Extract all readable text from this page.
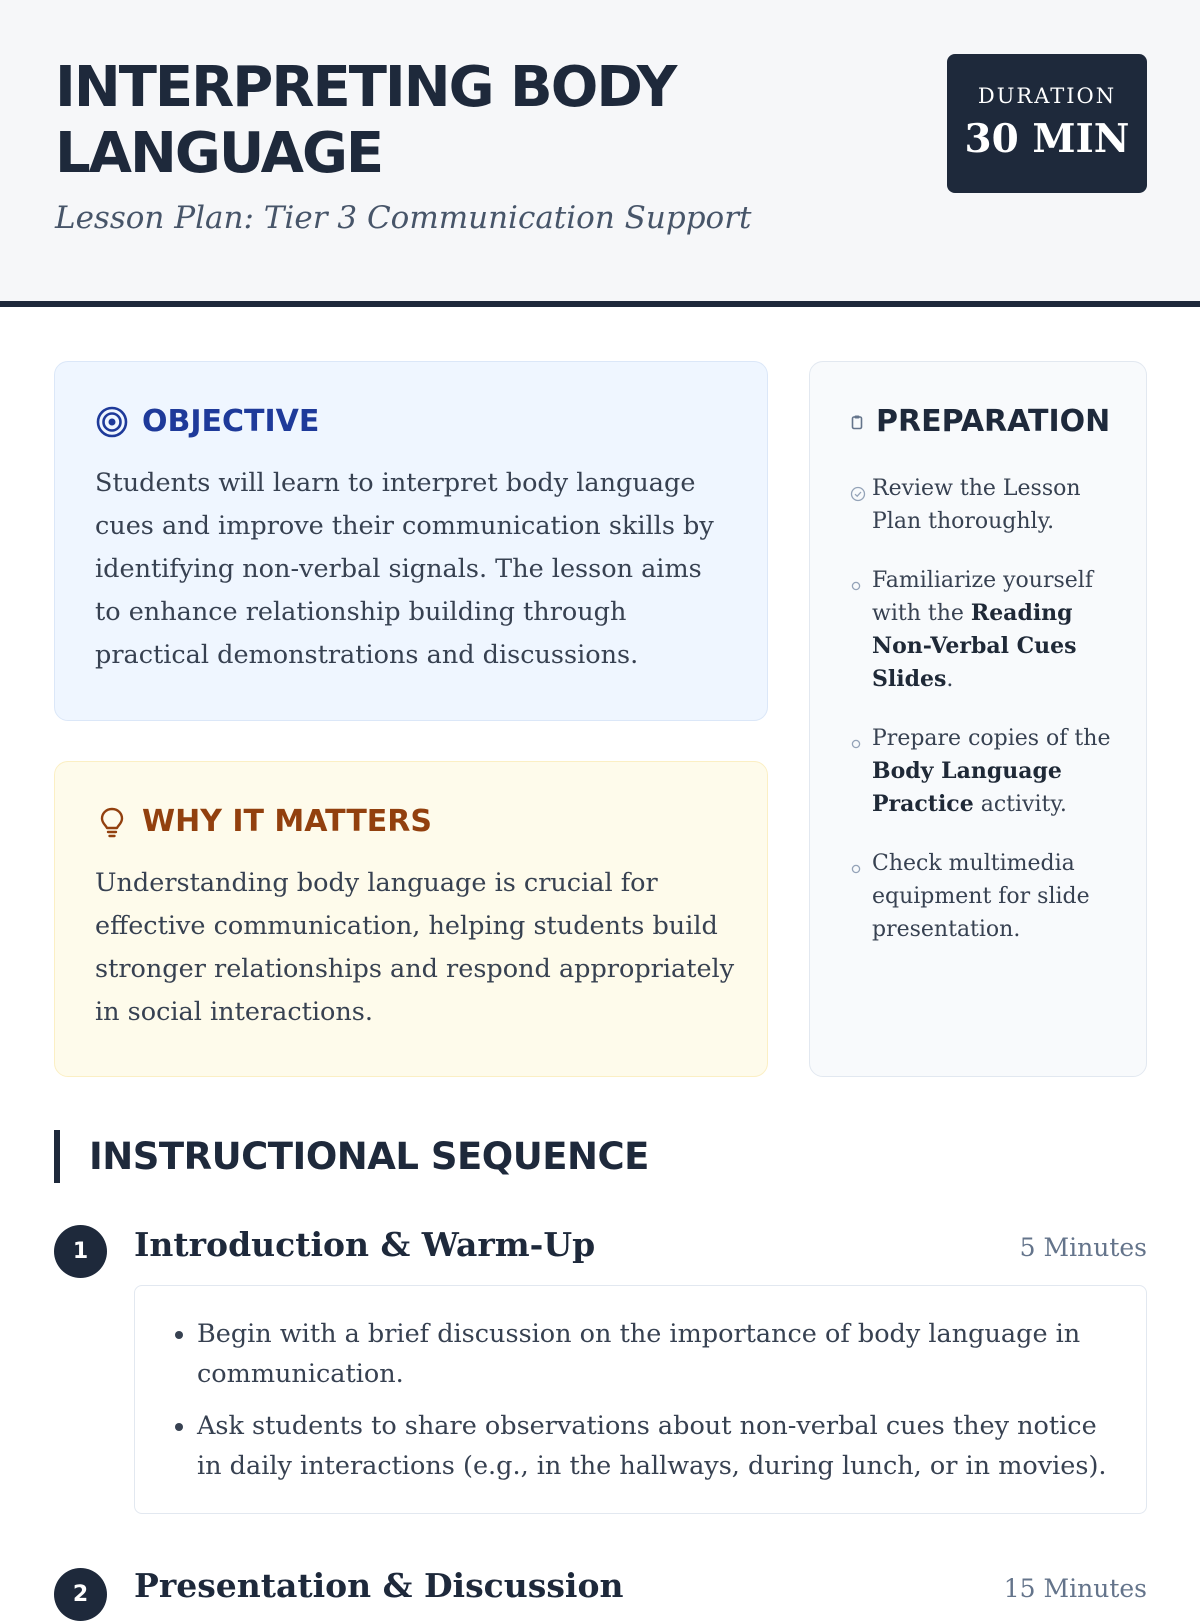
INTERPRETING BODY LANGUAGE

Lesson Plan: Tier 3 Communication Support

DURATION
30 MIN
OBJECTIVE

Students will learn to interpret body language cues and improve their communication skills by identifying non-verbal signals. The lesson aims to enhance relationship building through practical demonstrations and discussions.

WHY IT MATTERS

Understanding body language is crucial for effective communication, helping students build stronger relationships and respond appropriately in social interactions.

PREPARATION
Review the Lesson Plan thoroughly.
Familiarize yourself with the Reading Non-Verbal Cues Slides.
Prepare copies of the Body Language Practice activity.
Check multimedia equipment for slide presentation.
INSTRUCTIONAL SEQUENCE
1	Introduction & Warm-Up	5 Minutes
• Begin with a brief discussion on the importance of body language in communication.
• Ask students to share observations about non-verbal cues they notice in daily interactions (e.g., in the hallways, during lunch, or in movies).
2	Presentation & Discussion	15 Minutes
